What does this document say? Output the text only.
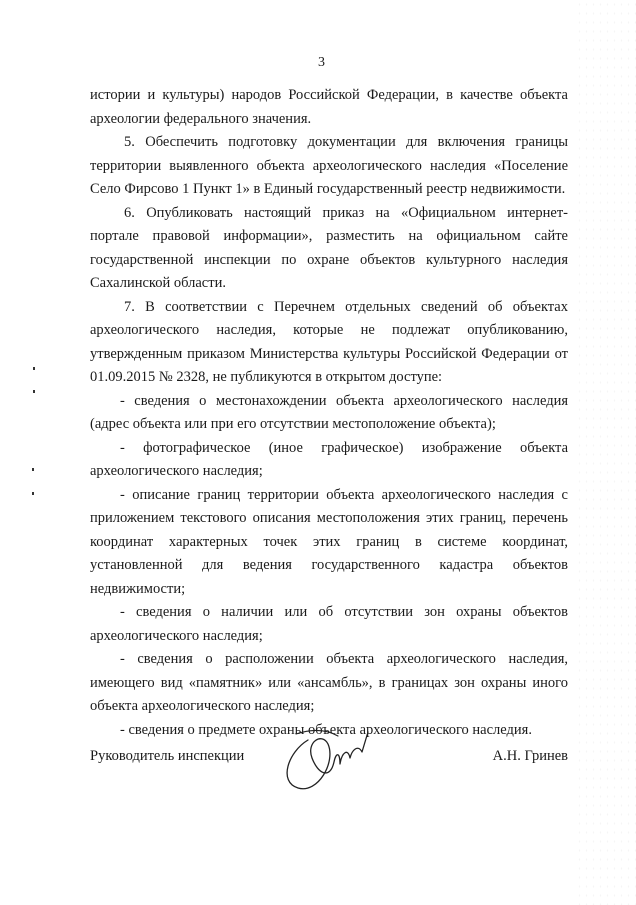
3

истории и культуры) народов Российской Федерации, в качестве объекта археологии федерального значения.

5. Обеспечить подготовку документации для включения границы территории выявленного объекта археологического наследия «Поселение Село Фирсово 1 Пункт 1» в Единый государственный реестр недвижимости.

6. Опубликовать настоящий приказ на «Официальном интернет-портале правовой информации», разместить на официальном сайте государственной инспекции по охране объектов культурного наследия Сахалинской области.

7. В соответствии с Перечнем отдельных сведений об объектах археологического наследия, которые не подлежат опубликованию, утвержденным приказом Министерства культуры Российской Федерации от 01.09.2015 № 2328, не публикуются в открытом доступе:

- сведения о местонахождении объекта археологического наследия (адрес объекта или при его отсутствии местоположение объекта);

- фотографическое (иное графическое) изображение объекта археологического наследия;

- описание границ территории объекта археологического наследия с приложением текстового описания местоположения этих границ, перечень координат характерных точек этих границ в системе координат, установленной для ведения государственного кадастра объектов недвижимости;

- сведения о наличии или об отсутствии зон охраны объектов археологического наследия;

- сведения о расположении объекта археологического наследия, имеющего вид «памятник» или «ансамбль», в границах зон охраны иного объекта археологического наследия;

- сведения о предмете охраны объекта археологического наследия.

Руководитель инспекции	А.Н. Гринев
